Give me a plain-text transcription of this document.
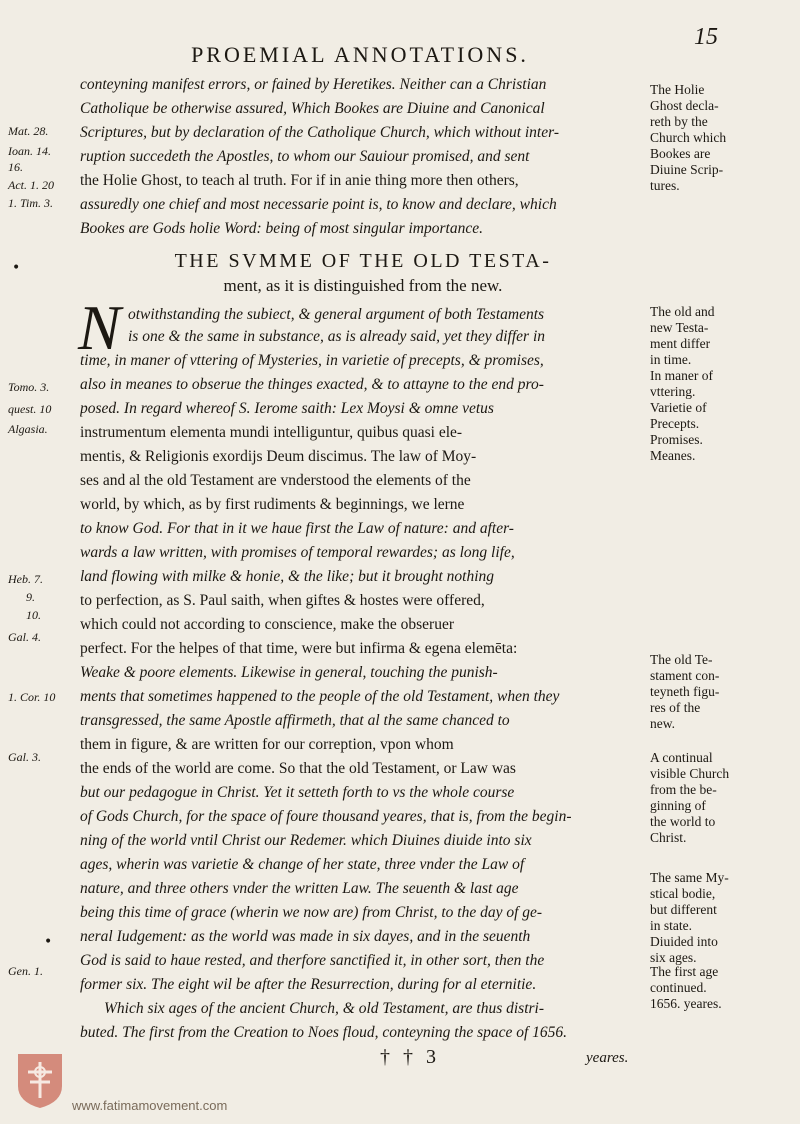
PROEMIAL ANNOTATIONS.
15
conteyning manifest errors, or fained by Heretikes. Neither can a Christian
Catholique be otherwise assured, Which Bookes are Diuine and Canonical
Scriptures, but by declaration of the Catholique Church, which without inter-
ruption succedeth the Apostles, to whom our Sauiour promised, and sent
the Holie Ghost, to teach al truth. For if in anie thing more then others,
assuredly one chief and most necessarie point is, to know and declare, which
Bookes are Gods holie Word: being of most singular importance.
THE SVMME OF THE OLD TESTA-
ment, as it is distinguished from the new.
N otwithstanding the subiect, & general argument of both Testaments
is one & the same in substance, as is already said, yet they differ in
time, in maner of vttering of Mysteries, in varietie of precepts, & promises,
also in meanes to obserue the thinges exacted, & to attayne to the end pro-
posed. In regard whereof S. Ierome saith: Lex Moysi & omne vetus
instrumentum elementa mundi intelliguntur, quibus quasi ele-
mentis, & Religionis exordijs Deum discimus. The law of Moy-
ses and al the old Testament are vnderstood the elements of the
world, by which, as by first rudiments & beginnings, we lerne
to know God. For that in it we haue first the Law of nature: and after-
wards a law written, with promises of temporal rewardes; as long life,
land flowing with milke & honie, & the like; but it brought nothing
to perfection, as S. Paul saith, when giftes & hostes were offered,
which could not according to conscience, make the obseruer
perfect. For the helpes of that time, were but infirma & egena elemēta:
Weake & poore elements. Likewise in general, touching the punish-
ments that sometimes happened to the people of the old Testament, when they
transgressed, the same Apostle affirmeth, that al the same chanced to
them in figure, & are written for our correption, vpon whom
the ends of the world are come. So that the old Testament, or Law was
but our pedagogue in Christ. Yet it setteth forth to vs the whole course
of Gods Church, for the space of foure thousand yeares, that is, from the begin-
ning of the world vntil Christ our Redemer. which Diuines diuide into six
ages, wherin was varietie & change of her state, three vnder the Law of
nature, and three others vnder the written Law. The seuenth & last age
being this time of grace (wherin we now are) from Christ, to the day of ge-
neral Iudgement: as the world was made in six dayes, and in the seuenth
God is said to haue rested, and therfore sanctified it, in other sort, then the
former six. The eight wil be after the Resurrection, during for al eternitie.
Which six ages of the ancient Church, & old Testament, are thus distri-
buted. The first from the Creation to Noes floud, conteyning the space of 1656.
† † 3	yeares.
Mat. 28.
Ioan. 14.
16.
Act. 1. 20
1. Tim. 3.
Tomo. 3.
quest. 10
Algasia.
Heb. 7.
9.
10.
Gal. 4.
1. Cor. 10
Gal. 3.
Gen. 1.
The Holie
Ghost decla-
reth by the
Church which
Bookes are
Diuine Scrip-
tures.
The old and
new Testa-
ment differ
in time.
In maner of
vttering.
Varietie of
Precepts.
Promises.
Meanes.
The old Te-
stament con-
teyneth figu-
res of the
new.
A continual
visible Church
from the be-
ginning of
the world to
Christ.
The same My-
stical bodie,
but different
in state.
Diuided into
six ages.
The first age
continued.
1656. yeares.
•
•
www.fatimamovement.com
